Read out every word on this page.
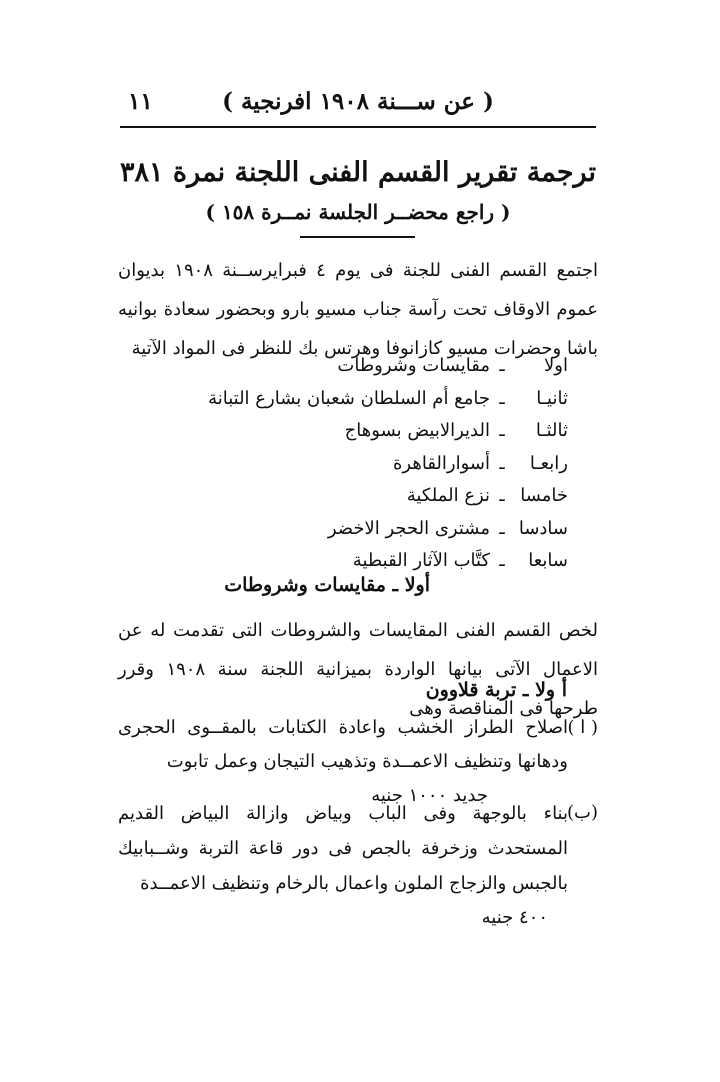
( عن ســـنة ١٩٠٨ افرنجية )
١١
ترجمة تقرير القسم الفنى اللجنة نمرة ٣٨١
( راجع محضــر الجلسة نمــرة ١٥٨ )

اجتمع القسم الفنى للجنة فى يوم ٤ فبرايرســنة ١٩٠٨ بديوان عموم الاوقاف تحت رآسة جناب مسيو بارو وبحضور سعادة بوانيه باشا وحضرات مسيو كازانوفا وهرتس بك للنظر فى المواد الآتية

اولاـمقايسات وشروطات
ثانيـاـجامع أم السلطان شعبان بشارع التبانة
ثالثـاـالديرالابيض بسوهاج
رابعـاـأسوارالقاهرة
خامساـنزع الملكية
سادساـمشترى الحجر الاخضر
سابعاـكتَّاب الآثار القبطية
أولا ـ مقايسات وشروطات

لخص القسم الفنى المقايسات والشروطات التى تقدمت له عن الاعمال الآتى بيانها الواردة بميزانية اللجنة سنة ١٩٠٨ وقرر طرحها فى المناقصة وهى

أ ولا ـ تربة قلاوون
( ا )
اصلاح الطراز الخشب واعادة الكتابات بالمقــوى الحجرى ودهانها وتنظيف الاعمــدة وتذهيب التيجان وعمل تابوت
جديد ١٠٠٠ جنيه
(ب)
بناء بالوجهة وفى الباب وبياض وازالة البياض القديم المستحدث وزخرفة بالجص فى دور قاعة التربة وشــبابيك بالجبس والزجاج الملون واعمال بالرخام وتنظيف الاعمــدة
٤٠٠ جنيه
